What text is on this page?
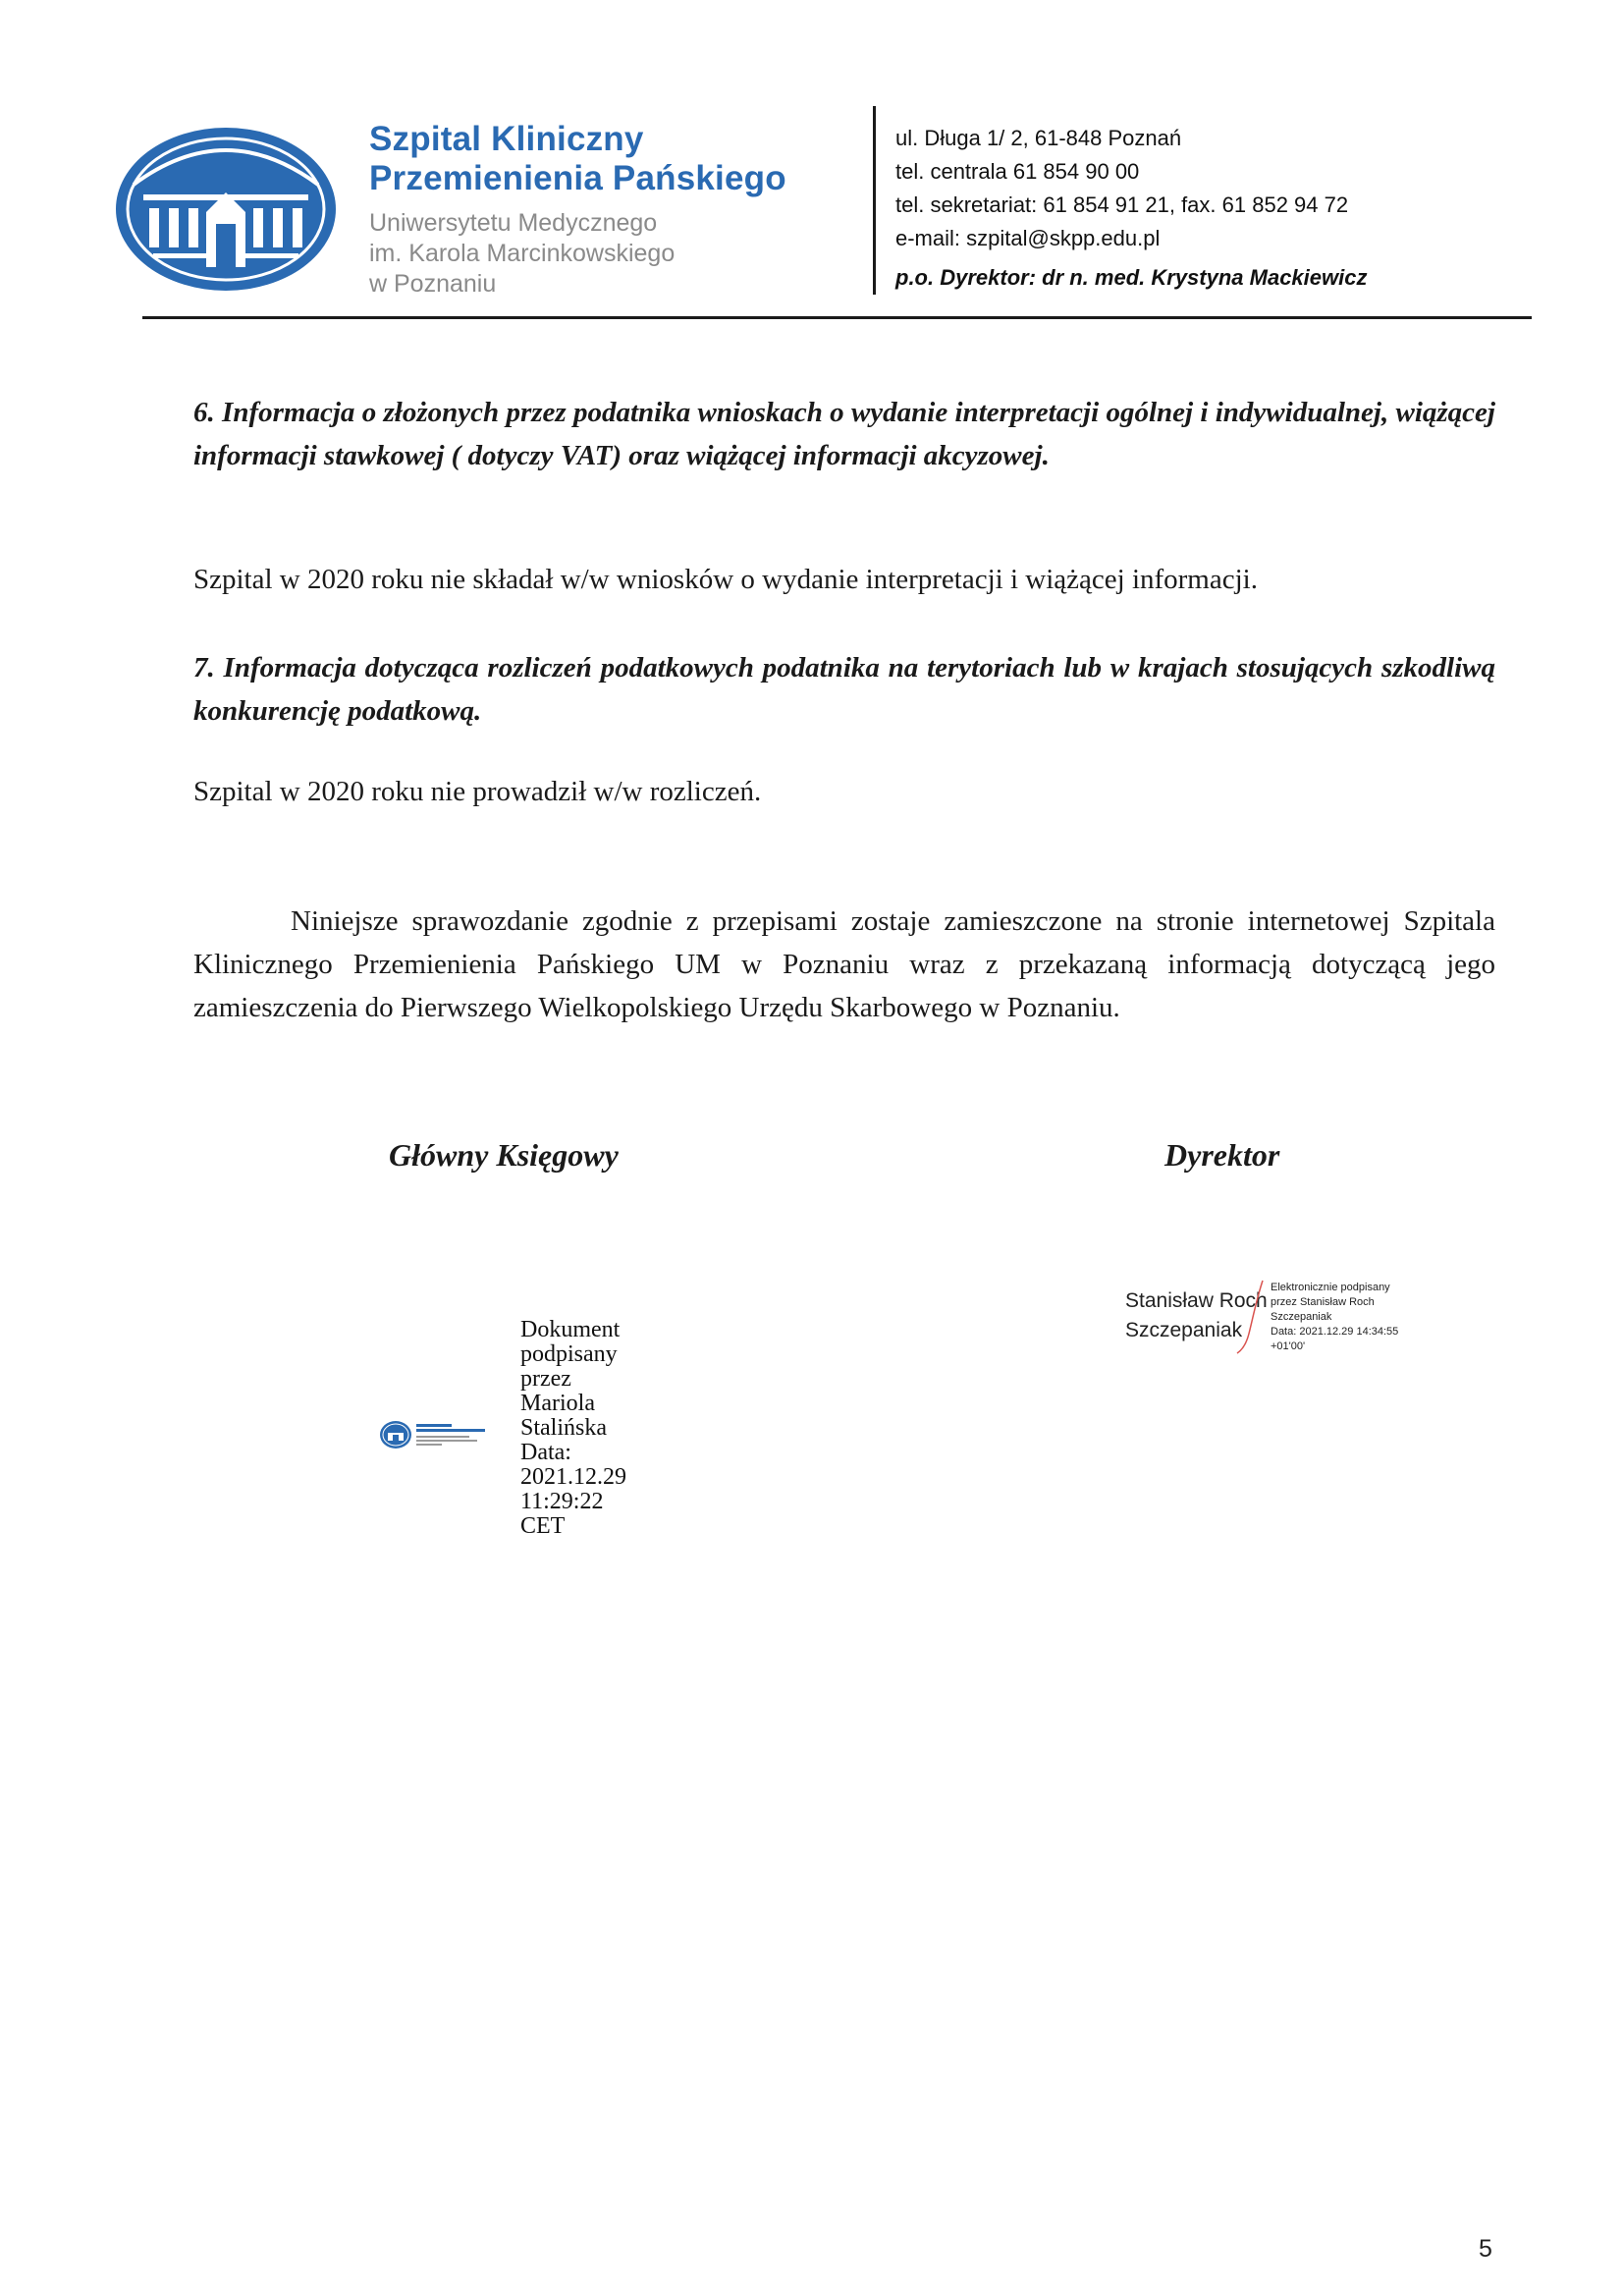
Szpital Kliniczny
Przemienienia Pańskiego
Uniwersytetu Medycznego
im. Karola Marcinkowskiego
w Poznaniu
ul. Długa 1/ 2, 61-848 Poznań
tel. centrala 61 854 90 00
tel. sekretariat: 61 854 91 21, fax. 61 852 94 72
e-mail: szpital@skpp.edu.pl
p.o. Dyrektor: dr n. med. Krystyna Mackiewicz
6. Informacja o złożonych przez podatnika wnioskach o wydanie interpretacji ogólnej i indywidualnej, wiążącej informacji stawkowej ( dotyczy VAT) oraz wiążącej informacji akcyzowej.
Szpital w 2020 roku nie składał w/w wniosków o wydanie interpretacji i wiążącej informacji.
7. Informacja dotycząca rozliczeń podatkowych podatnika na terytoriach lub w krajach stosujących szkodliwą konkurencję podatkową.
Szpital w 2020 roku nie prowadził w/w rozliczeń.
Niniejsze sprawozdanie zgodnie z przepisami zostaje zamieszczone na stronie internetowej Szpitala Klinicznego Przemienienia Pańskiego UM w Poznaniu wraz z przekazaną informacją dotyczącą jego zamieszczenia do Pierwszego Wielkopolskiego Urzędu Skarbowego w Poznaniu.
Główny Księgowy	Dyrektor
Dokument
podpisany
przez
Mariola
Stalińska
Data:
2021.12.29
11:29:22
CET
Stanisław Roch
Szczepaniak
Elektronicznie podpisany
przez Stanisław Roch
Szczepaniak
Data: 2021.12.29 14:34:55
+01'00'
5
